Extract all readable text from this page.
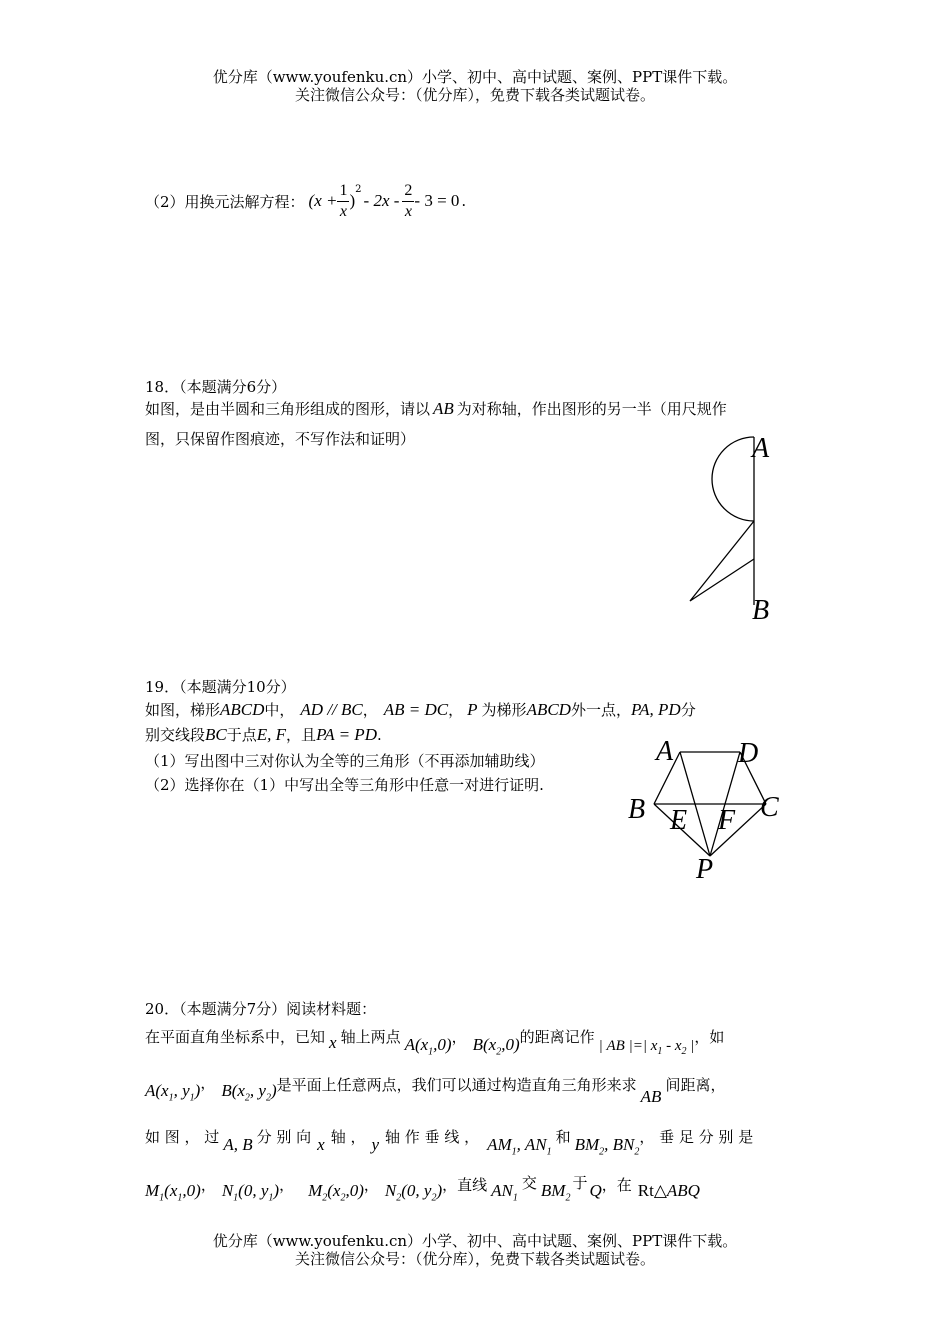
优分库（www.youfenku.cn）小学、初中、高中试题、案例、PPT课件下载。
关注微信公众号：（优分库），免费下载各类试题试卷。
（2）用换元法解方程： ($x + \frac{1}{x}$ )
$^2$
- $2x - \frac{2}{x} - 3 = 0$ .
18．（本题满分6分）
如图，是由半圆和三角形组成的图形，请以 AB 为对称轴，作出图形的另一半（用尺规作
图，只保留作图痕迹，不写作法和证明）	A
B
19．（本题满分10分）
如图，梯形ABCD中， AD // BC， AB = DC， P 为梯形ABCD外一点，PA, PD分
别交线段BC于点E, F，且PA = PD.
（1）写出图中三对你认为全等的三角形（不再添加辅助线）
（2）选择你在（1）中写出全等三角形中任意一对进行证明.
A D
B	C
E F
P
20．（本题满分7分）阅读材料题：
在平面直角坐标系中，已知 x 轴上两点 $A(x_1,0)$， $B(x_2,0)$的距离记作 | AB |=| $x_1 - x_2$ |，如
$A(x_1$, $y_1$)， $B(x_2$, $y_2$)是平面上任意两点，我们可以通过构造直角三角形来求AB间距离，
如 图 ， 过 A, B 分 别 向 x 轴 ， y 轴 作 垂 线 ， $AM_1$, $AN_1$和 $BM_2$, $BN_2$， 垂 足 分 别 是
$M_1(x_1,0)$， $N_1(0$, $y_1$)， $M_2(x_2,0)$， $N_2(0$, $y_2$)，直线 $AN_1$交 $BM_2$于 Q，在 Rt△ABQ
优分库（www.youfenku.cn）小学、初中、高中试题、案例、PPT课件下载。
关注微信公众号：（优分库），免费下载各类试题试卷。
